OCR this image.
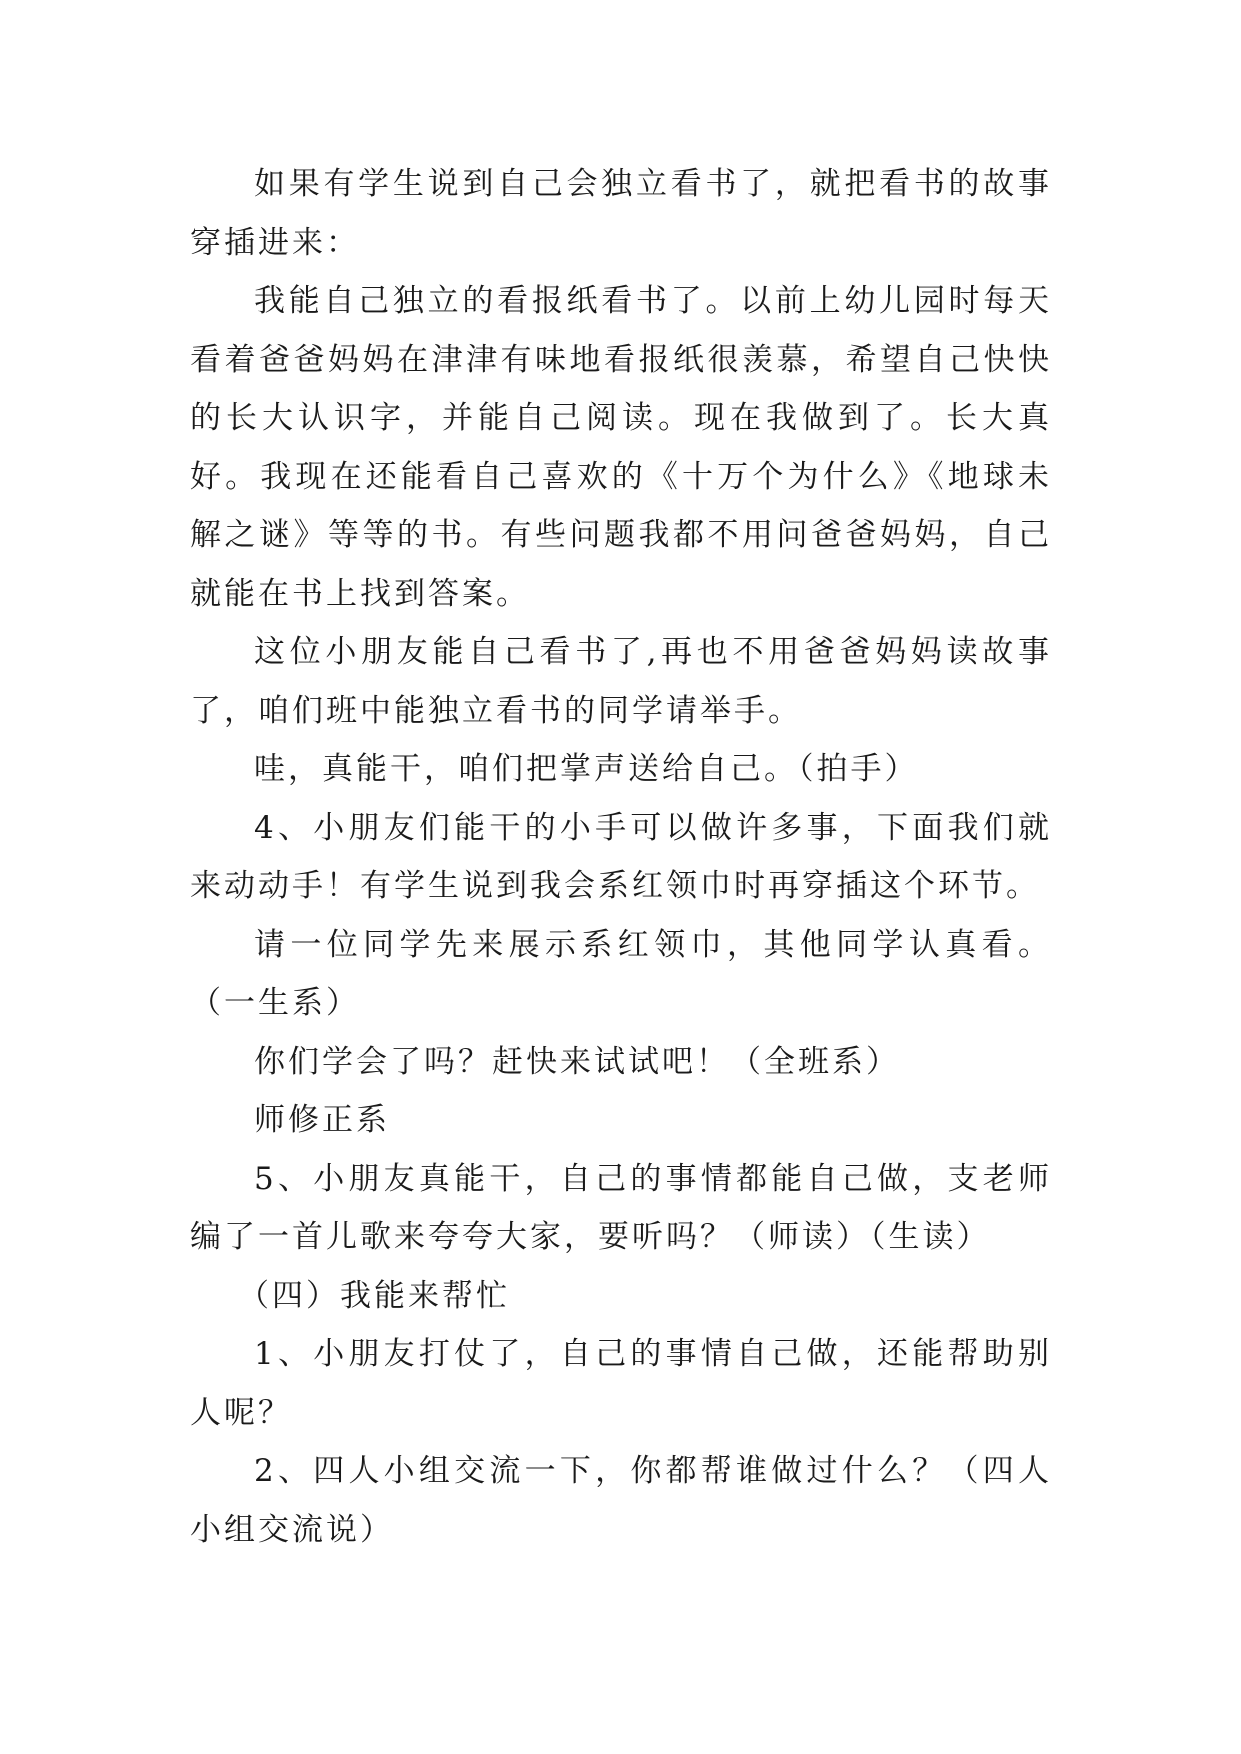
如果有学生说到自己会独立看书了，就把看书的故事穿插进来：

我能自己独立的看报纸看书了。以前上幼儿园时每天看着爸爸妈妈在津津有味地看报纸很羡慕，希望自己快快的长大认识字，并能自己阅读。现在我做到了。长大真好。我现在还能看自己喜欢的《十万个为什么》《地球未解之谜》等等的书。有些问题我都不用问爸爸妈妈，自己就能在书上找到答案。

这位小朋友能自己看书了,再也不用爸爸妈妈读故事了，咱们班中能独立看书的同学请举手。

哇，真能干，咱们把掌声送给自己。（拍手）

4、小朋友们能干的小手可以做许多事，下面我们就来动动手！有学生说到我会系红领巾时再穿插这个环节。

请一位同学先来展示系红领巾，其他同学认真看。（一生系）

你们学会了吗？赶快来试试吧！（全班系）

师修正系

5、小朋友真能干，自己的事情都能自己做，支老师编了一首儿歌来夸夸大家，要听吗？（师读）（生读）

（四）我能来帮忙

1、小朋友打仗了，自己的事情自己做，还能帮助别人呢？

2、四人小组交流一下，你都帮谁做过什么？（四人小组交流说）
